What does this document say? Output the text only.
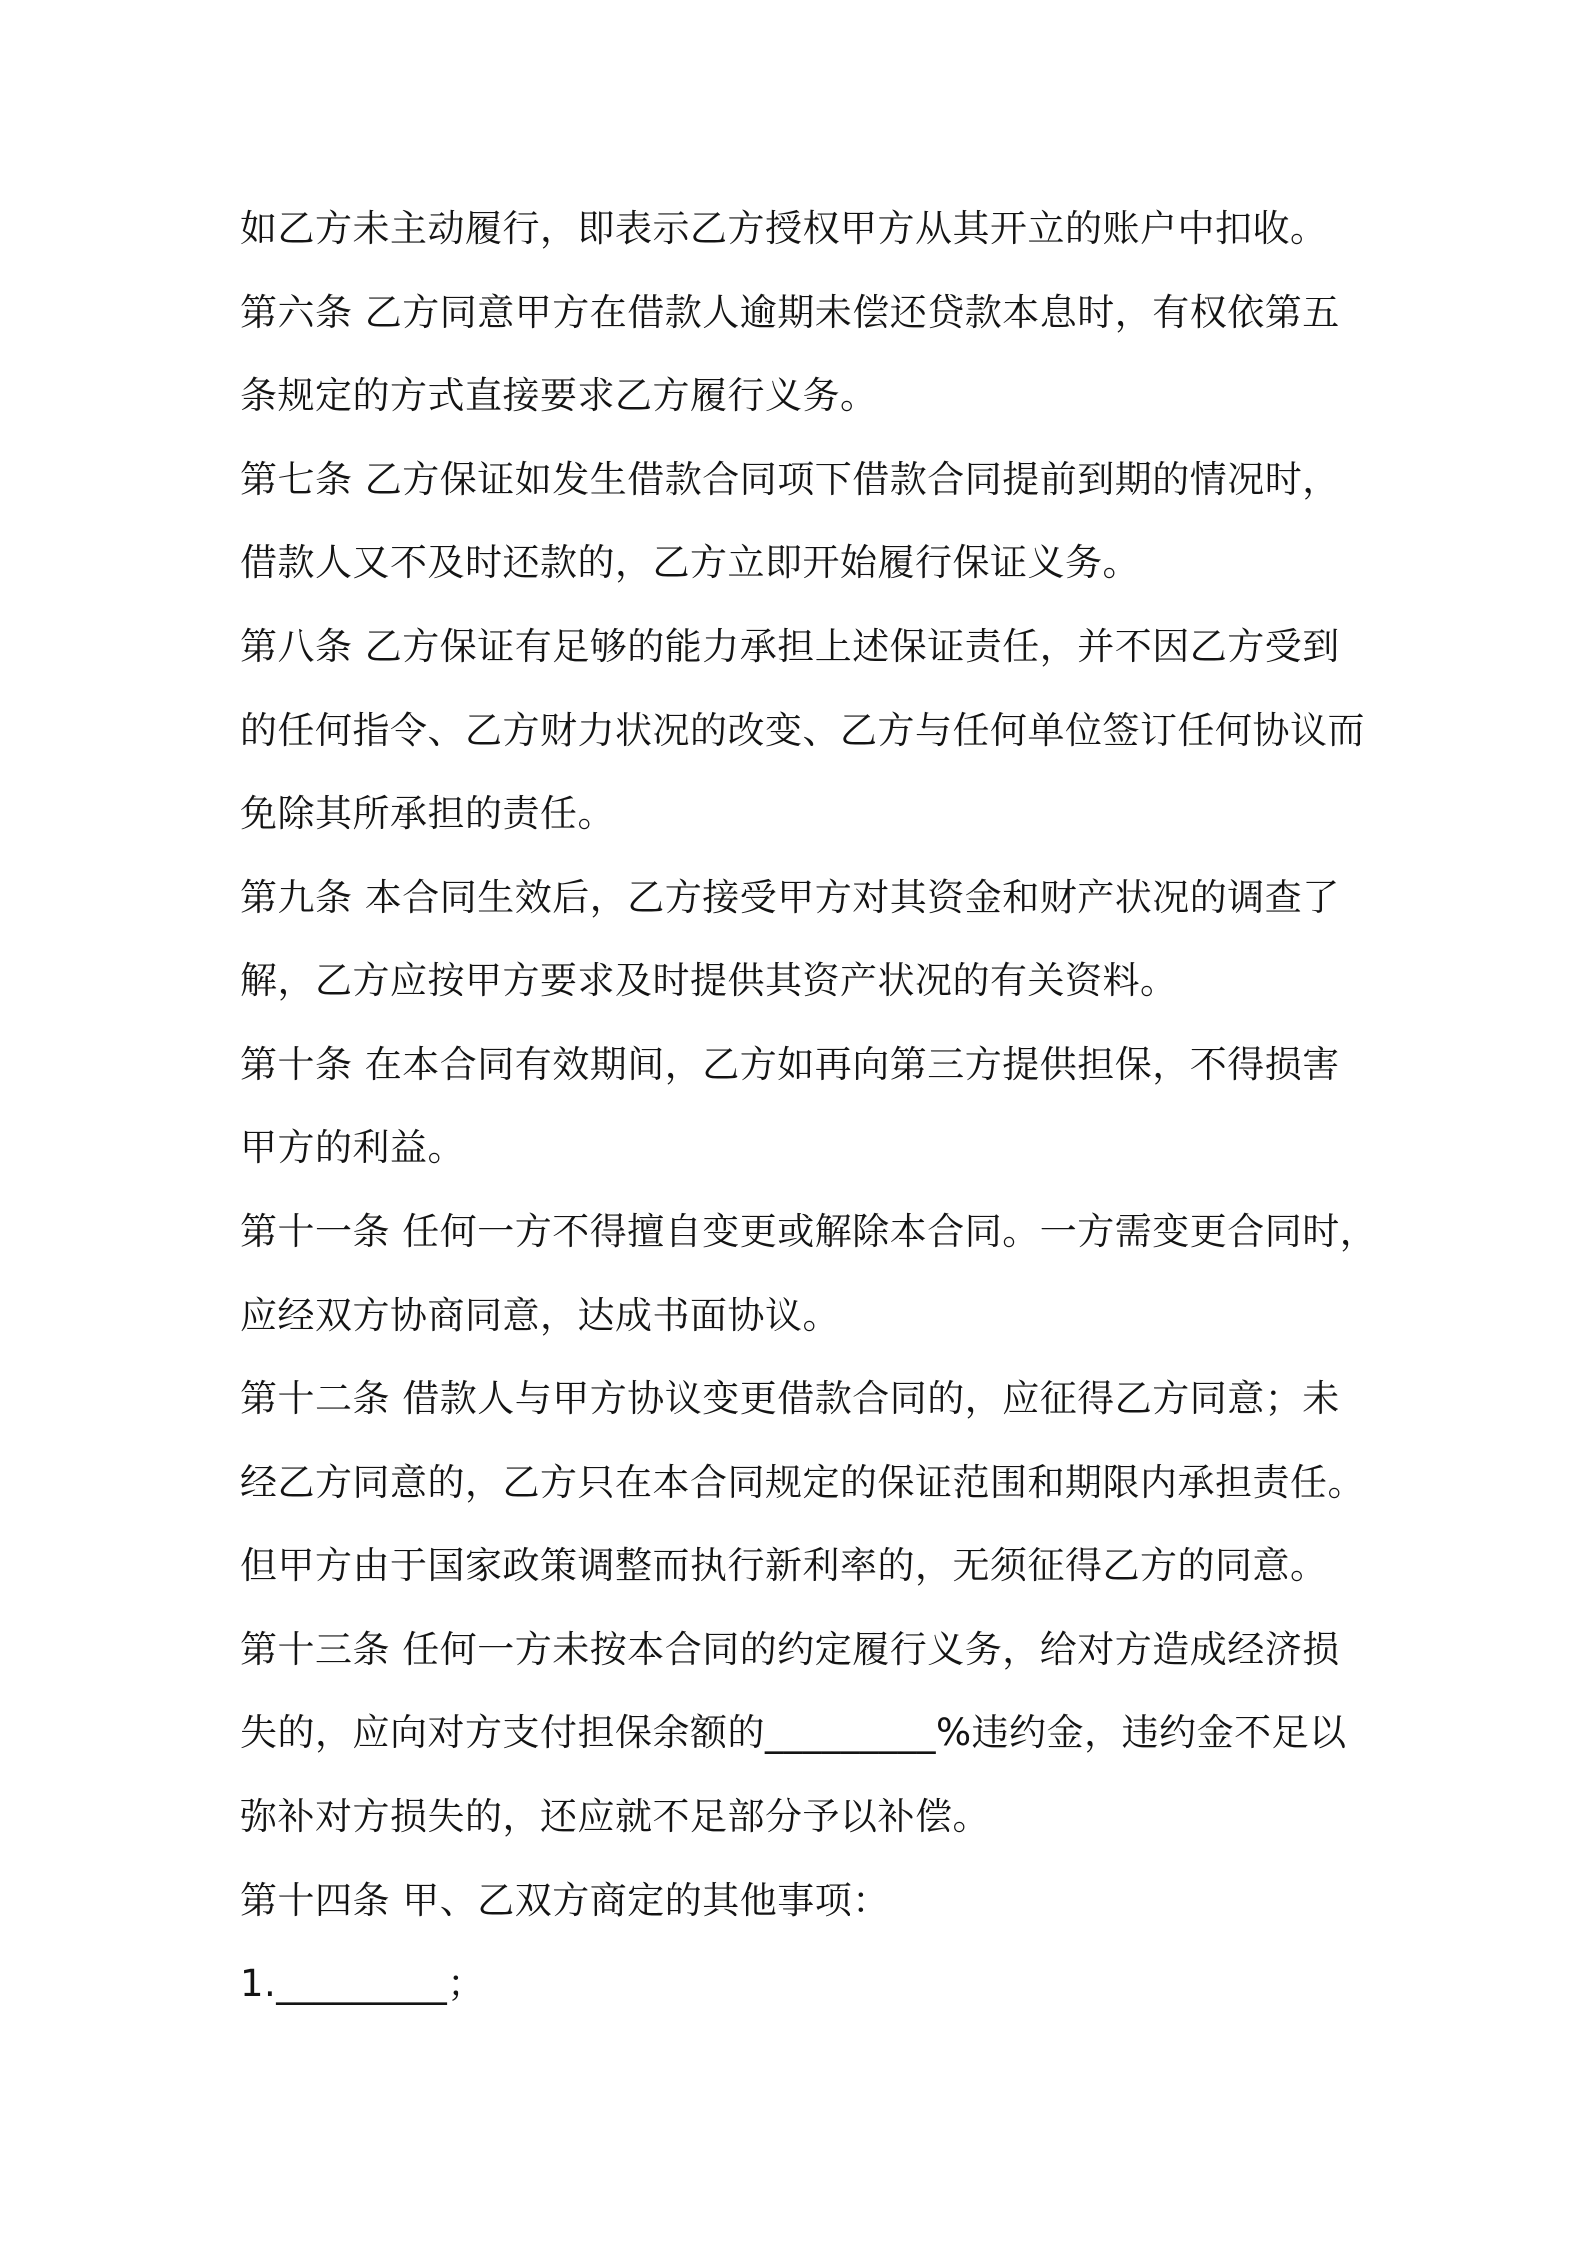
如乙方未主动履行，即表示乙方授权甲方从其开立的账户中扣收。
第六条 乙方同意甲方在借款人逾期未偿还贷款本息时，有权依第五
条规定的方式直接要求乙方履行义务。
第七条 乙方保证如发生借款合同项下借款合同提前到期的情况时，
借款人又不及时还款的，乙方立即开始履行保证义务。
第八条 乙方保证有足够的能力承担上述保证责任，并不因乙方受到
的任何指令、乙方财力状况的改变、乙方与任何单位签订任何协议而
免除其所承担的责任。
第九条 本合同生效后，乙方接受甲方对其资金和财产状况的调查了
解，乙方应按甲方要求及时提供其资产状况的有关资料。
第十条 在本合同有效期间，乙方如再向第三方提供担保，不得损害
甲方的利益。
第十一条 任何一方不得擅自变更或解除本合同。一方需变更合同时，
应经双方协商同意，达成书面协议。
第十二条 借款人与甲方协议变更借款合同的，应征得乙方同意；未
经乙方同意的，乙方只在本合同规定的保证范围和期限内承担责任。
但甲方由于国家政策调整而执行新利率的，无须征得乙方的同意。
第十三条 任何一方未按本合同的约定履行义务，给对方造成经济损
失的，应向对方支付担保余额的_________%违约金，违约金不足以
弥补对方损失的，还应就不足部分予以补偿。
第十四条 甲、乙双方商定的其他事项：
1._________；
